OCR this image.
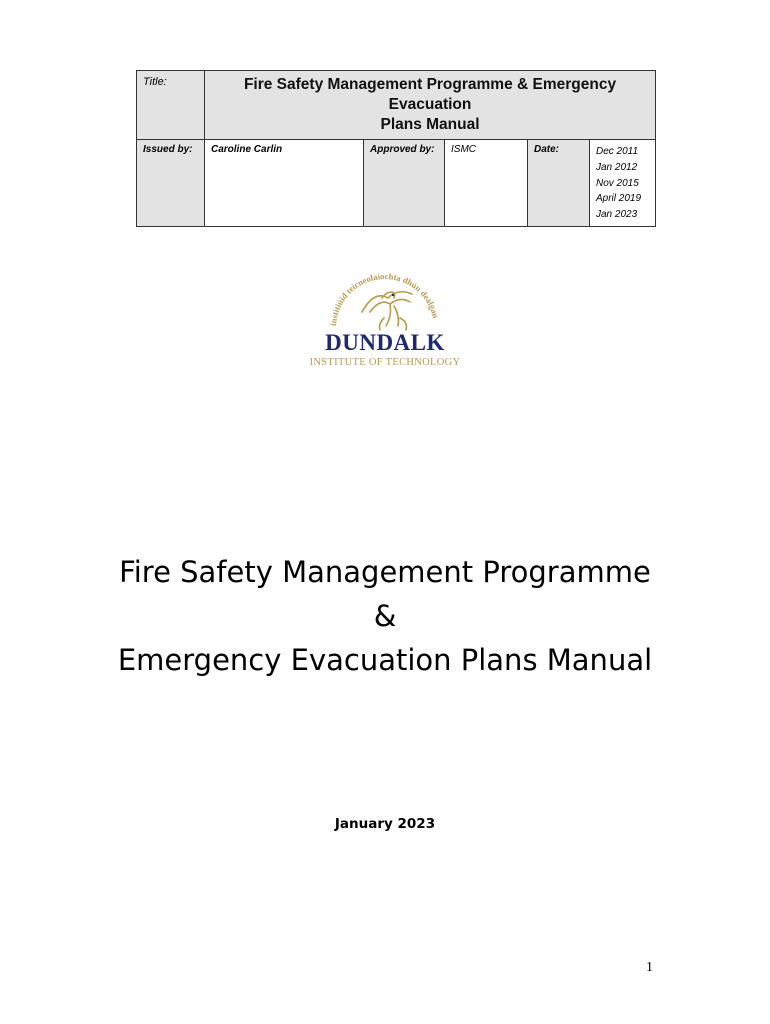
Title:	Fire Safety Management Programme & Emergency Evacuation
Plans Manual				

Issued by:	Caroline Carlin	Approved by:	ISMC	Date:	Dec 2011
Jan 2012
Nov 2015
April 2019
Jan 2023
institiúid teicneolaíochta dhún dealgan
DUNDALK
INSTITUTE OF TECHNOLOGY
Fire Safety Management Programme
&
Emergency Evacuation Plans Manual
January 2023
1
